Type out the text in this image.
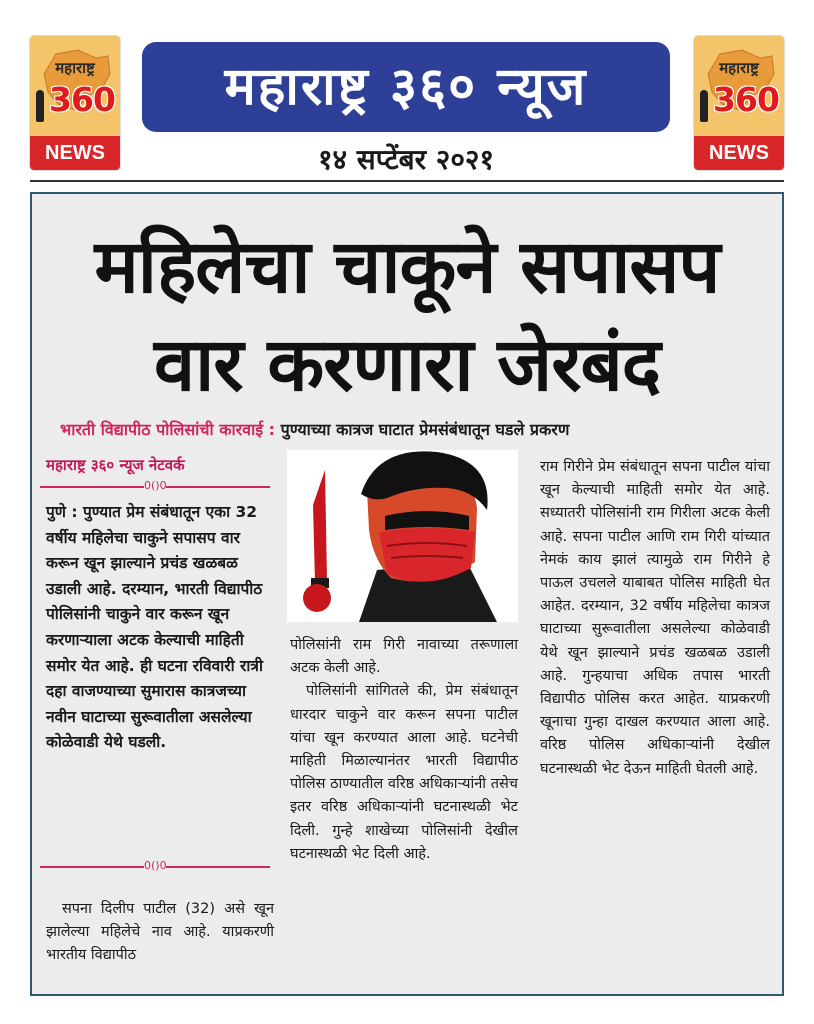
महाराष्ट्र
360
NEWS
महाराष्ट्र
360
NEWS
महाराष्ट्र ३६० न्यूज
१४ सप्टेंबर २०२१
महिलेचा चाकूने सपासप
वार करणारा जेरबंद
भारती विद्यापीठ पोलिसांची कारवाई : पुण्याच्या कात्रज घाटात प्रेमसंबंधातून घडले प्रकरण
महाराष्ट्र ३६० न्यूज नेटवर्क
0()0
पुणे : पुण्यात प्रेम संबंधातून एका 32 वर्षीय महिलेचा चाकुने सपासप वार करून खून झाल्याने प्रचंड खळबळ उडाली आहे. दरम्यान, भारती विद्यापीठ पोलिसांनी चाकुने वार करून खून करणाऱ्याला अटक केल्याची माहिती समोर येत आहे. ही घटना रविवारी रात्री दहा वाजण्याच्या सुमारास कात्रजच्या नवीन घाटाच्या सुरूवातीला असलेल्या कोळेवाडी येथे घडली.
0()0
सपना दिलीप पाटील (32) असे खून झालेल्या महिलेचे नाव आहे. याप्रकरणी भारतीय विद्यापीठ

पोलिसांनी राम गिरी नावाच्या तरूणाला अटक केली आहे.

पोलिसांनी सांगितले की, प्रेम संबंधातून धारदार चाकुने वार करून सपना पाटील यांचा खून करण्यात आला आहे. घटनेची माहिती मिळाल्यानंतर भारती विद्यापीठ पोलिस ठाण्यातील वरिष्ठ अधिकाऱ्यांनी तसेच इतर वरिष्ठ अधिकाऱ्यांनी घटनास्थळी भेट दिली. गुन्हे शाखेच्या पोलिसांनी देखील घटनास्थळी भेट दिली आहे.

राम गिरीने प्रेम संबंधातून सपना पाटील यांचा खून केल्याची माहिती समोर येत आहे. सध्यातरी पोलिसांनी राम गिरीला अटक केली आहे. सपना पाटील आणि राम गिरी यांच्यात नेमकं काय झालं त्यामुळे राम गिरीने हे पाऊल उचलले याबाबत पोलिस माहिती घेत आहेत. दरम्यान, 32 वर्षीय महिलेचा कात्रज घाटाच्या सुरूवातीला असलेल्या कोळेवाडी येथे खून झाल्याने प्रचंड खळबळ उडाली आहे. गुन्हयाचा अधिक तपास भारती विद्यापीठ पोलिस करत आहेत. याप्रकरणी खूनाचा गुन्हा दाखल करण्यात आला आहे. वरिष्ठ पोलिस अधिकाऱ्यांनी देखील घटनास्थळी भेट देऊन माहिती घेतली आहे.
